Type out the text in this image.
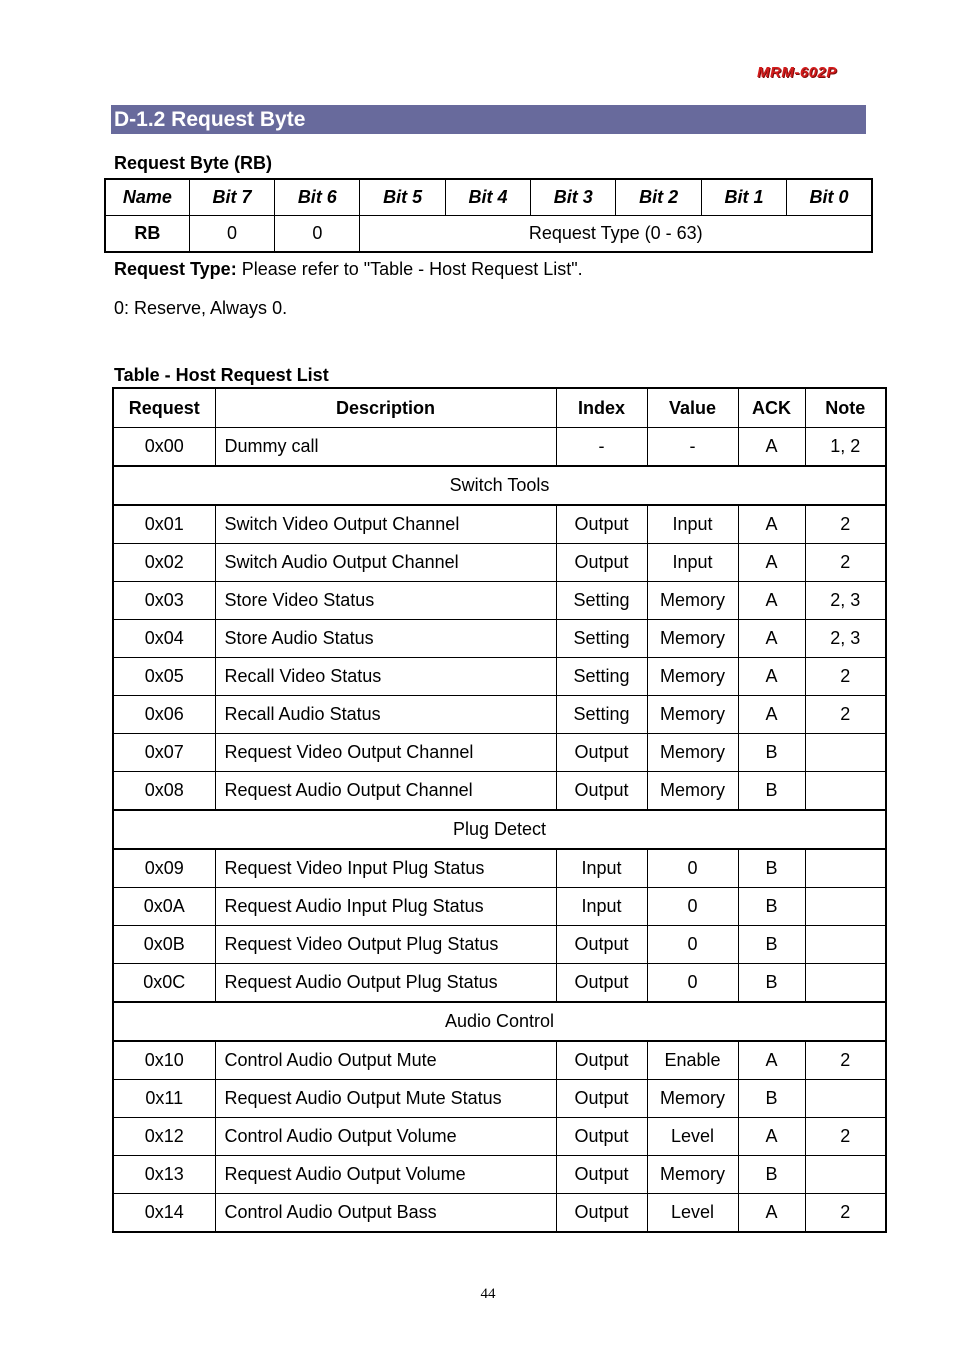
MRM-602P
D-1.2 Request Byte
Request Byte (RB)
Name	Bit 7	Bit 6	Bit 5	Bit 4	Bit 3	Bit 2	Bit 1	Bit 0
RB	0	0	Request Type (0 - 63)					
Request Type: Please refer to "Table - Host Request List".
0: Reserve, Always 0.
Table - Host Request List
Request	Description	Index	Value	ACK	Note
0x00	Dummy call	-	-	A	1, 2
Switch Tools					
0x01	Switch Video Output Channel	Output	Input	A	2
0x02	Switch Audio Output Channel	Output	Input	A	2
0x03	Store Video Status	Setting	Memory	A	2, 3
0x04	Store Audio Status	Setting	Memory	A	2, 3
0x05	Recall Video Status	Setting	Memory	A	2
0x06	Recall Audio Status	Setting	Memory	A	2
0x07	Request Video Output Channel	Output	Memory	B	
0x08	Request Audio Output Channel	Output	Memory	B	
Plug Detect					
0x09	Request Video Input Plug Status	Input	0	B	
0x0A	Request Audio Input Plug Status	Input	0	B	
0x0B	Request Video Output Plug Status	Output	0	B	
0x0C	Request Audio Output Plug Status	Output	0	B	
Audio Control					
0x10	Control Audio Output Mute	Output	Enable	A	2
0x11	Request Audio Output Mute Status	Output	Memory	B	
0x12	Control Audio Output Volume	Output	Level	A	2
0x13	Request Audio Output Volume	Output	Memory	B	
0x14	Control Audio Output Bass	Output	Level	A	2
44
